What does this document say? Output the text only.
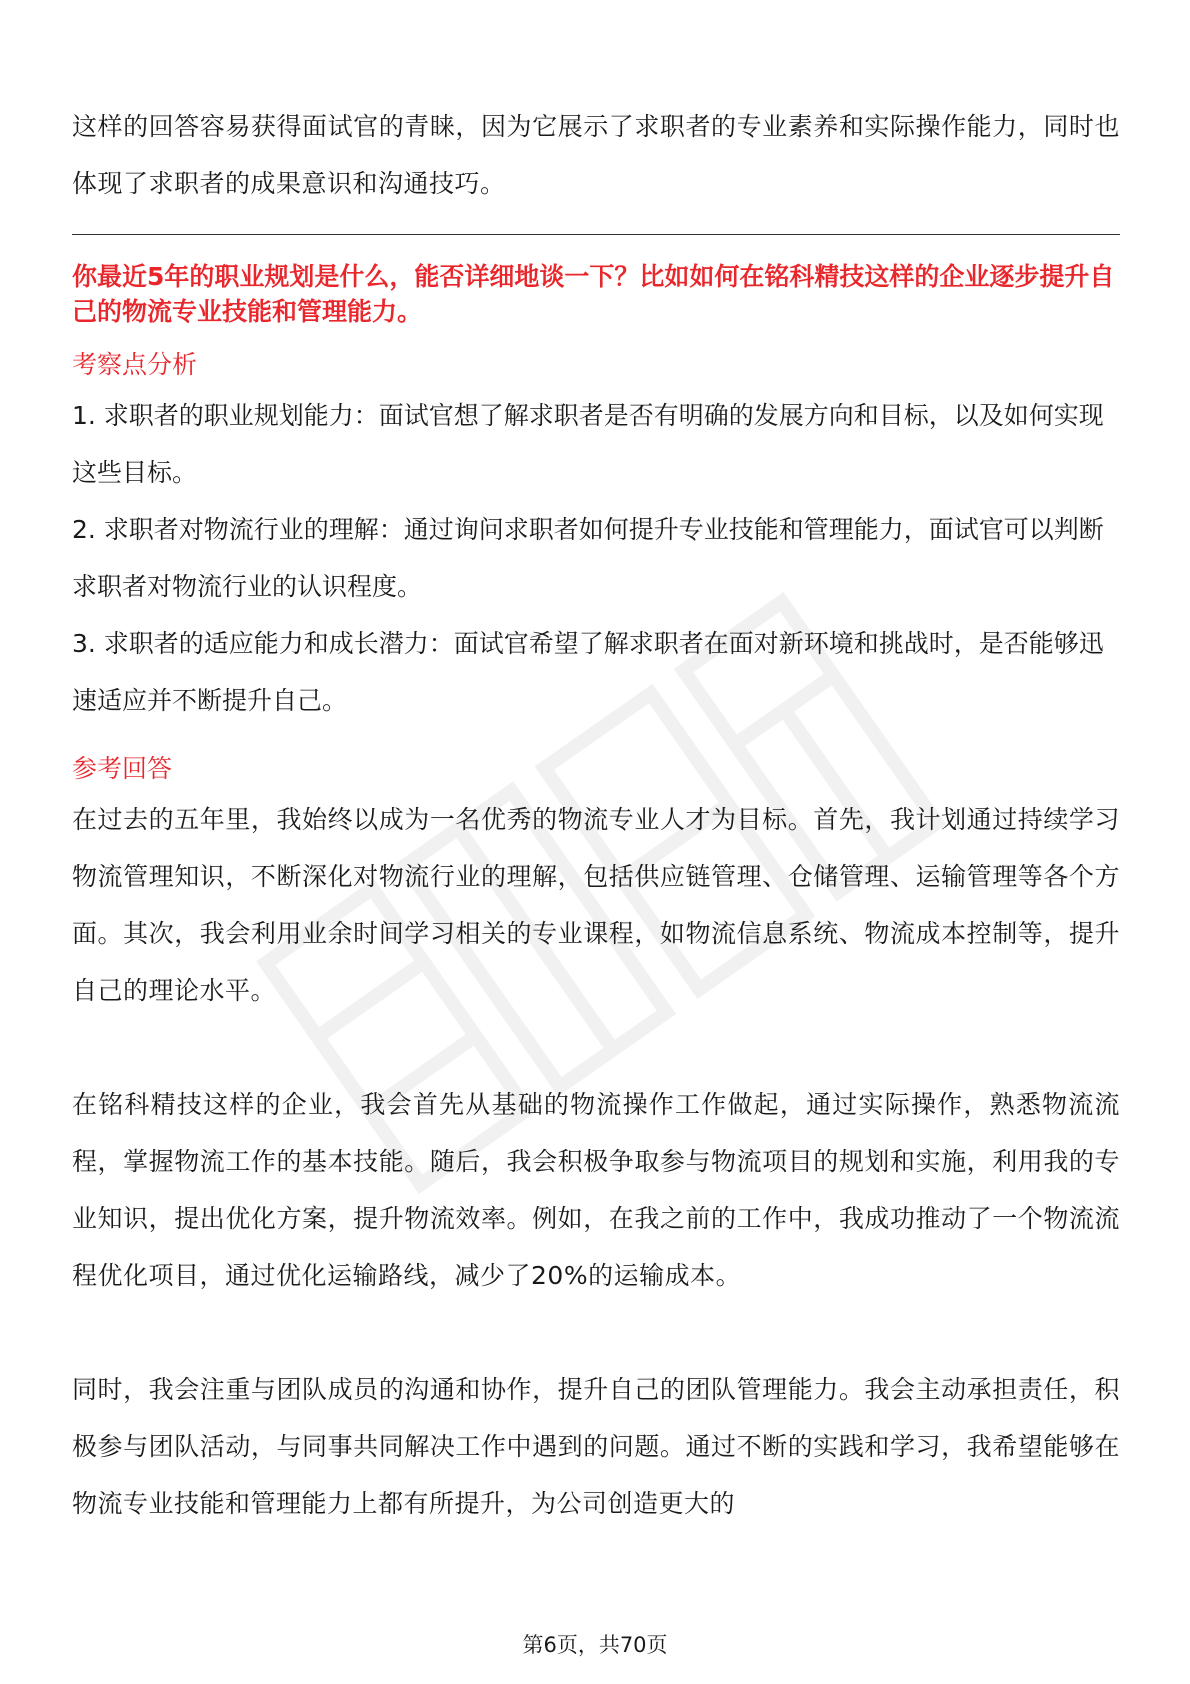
这样的回答容易获得面试官的青睐，因为它展示了求职者的专业素养和实际操作能力，同时也体现了求职者的成果意识和沟通技巧。

你最近5年的职业规划是什么，能否详细地谈一下？比如如何在铭科精技这样的企业逐步提升自己的物流专业技能和管理能力。

考察点分析

1. 求职者的职业规划能力：面试官想了解求职者是否有明确的发展方向和目标，以及如何实现这些目标。

2. 求职者对物流行业的理解：通过询问求职者如何提升专业技能和管理能力，面试官可以判断求职者对物流行业的认识程度。

3. 求职者的适应能力和成长潜力：面试官希望了解求职者在面对新环境和挑战时，是否能够迅速适应并不断提升自己。

参考回答

在过去的五年里，我始终以成为一名优秀的物流专业人才为目标。首先，我计划通过持续学习物流管理知识，不断深化对物流行业的理解，包括供应链管理、仓储管理、运输管理等各个方面。其次，我会利用业余时间学习相关的专业课程，如物流信息系统、物流成本控制等，提升自己的理论水平。

在铭科精技这样的企业，我会首先从基础的物流操作工作做起，通过实际操作，熟悉物流流程，掌握物流工作的基本技能。随后，我会积极争取参与物流项目的规划和实施，利用我的专业知识，提出优化方案，提升物流效率。例如，在我之前的工作中，我成功推动了一个物流流程优化项目，通过优化运输路线，减少了20%的运输成本。

同时，我会注重与团队成员的沟通和协作，提升自己的团队管理能力。我会主动承担责任，积极参与团队活动，与同事共同解决工作中遇到的问题。通过不断的实践和学习，我希望能够在物流专业技能和管理能力上都有所提升，为公司创造更大的

第6页，共70页
